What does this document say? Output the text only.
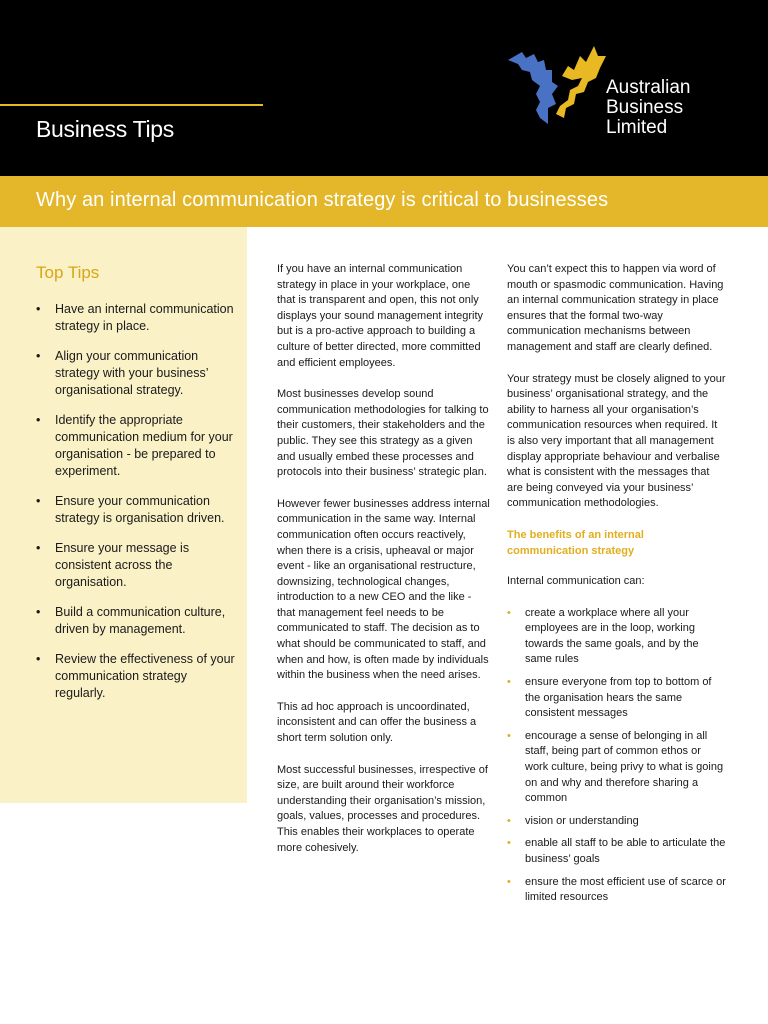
Business Tips
Australian
Business
Limited
Why an internal communication strategy is critical to businesses
Top Tips
• Have an internal communication strategy in place.
• Align your communication strategy with your business’ organisational strategy.
• Identify the appropriate communication medium for your organisation - be prepared to experiment.
• Ensure your communication strategy is organisation driven.
• Ensure your message is consistent across the organisation.
• Build a communication culture, driven by management.
• Review the effectiveness of your communication strategy regularly.

If you have an internal communication strategy in place in your workplace, one that is transparent and open, this not only displays your sound management integrity but is a pro-active approach to building a culture of better directed, more committed and efficient employees.

Most businesses develop sound communication methodologies for talking to their customers, their stakeholders and the public. They see this strategy as a given and usually embed these processes and protocols into their business’ strategic plan.

However fewer businesses address internal communication in the same way. Internal communication often occurs reactively, when there is a crisis, upheaval or major event - like an organisational restructure, downsizing, technological changes, introduction to a new CEO and the like - that management feel needs to be communicated to staff. The decision as to what should be communicated to staff, and when and how, is often made by individuals within the business when the need arises.

This ad hoc approach is uncoordinated, inconsistent and can offer the business a short term solution only.

Most successful businesses, irrespective of size, are built around their workforce understanding their organisation’s mission, goals, values, processes and procedures. This enables their workplaces to operate more cohesively.

You can’t expect this to happen via word of mouth or spasmodic communication. Having an internal communication strategy in place ensures that the formal two-way communication mechanisms between management and staff are clearly defined.

Your strategy must be closely aligned to your business’ organisational strategy, and the ability to harness all your organisation’s communication resources when required. It is also very important that all management display appropriate behaviour and verbalise what is consistent with the messages that are being conveyed via your business’ communication methodologies.

The benefits of an internal communication strategy

Internal communication can:

• create a workplace where all your employees are in the loop, working towards the same goals, and by the same rules
• ensure everyone from top to bottom of the organisation hears the same consistent messages
• encourage a sense of belonging in all staff, being part of common ethos or work culture, being privy to what is going on and why and therefore sharing a common
• vision or understanding
• enable all staff to be able to articulate the business’ goals
• ensure the most efficient use of scarce or limited resources
